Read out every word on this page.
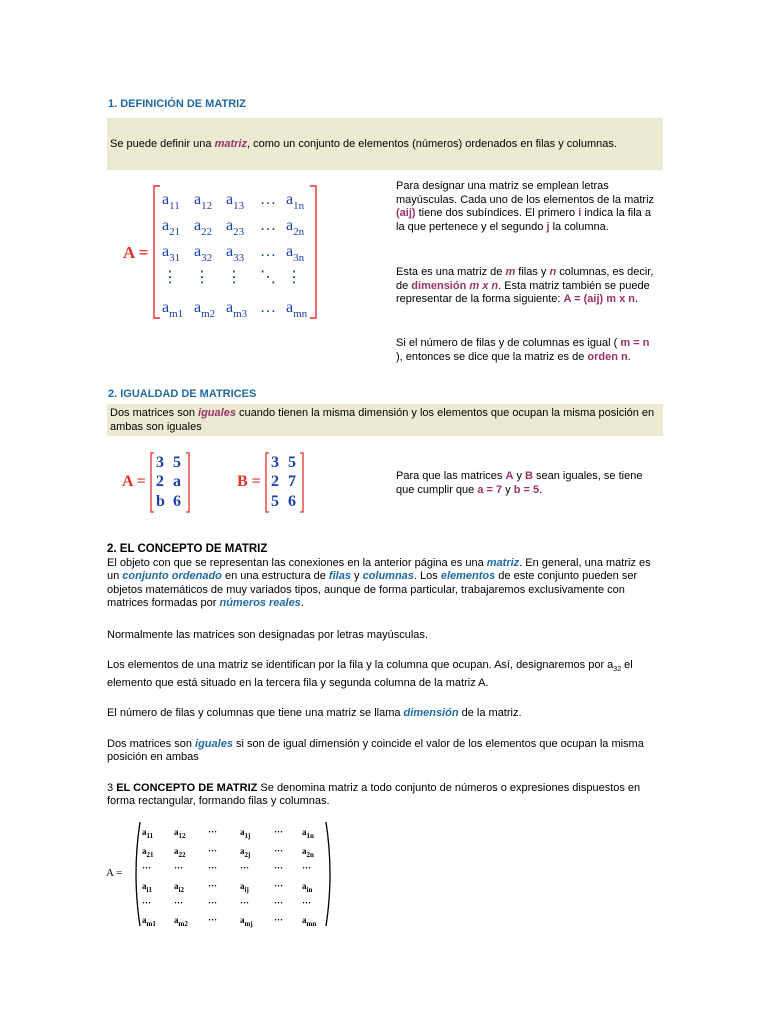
1. DEFINICIÓN DE MATRIZ
Se puede definir una matriz, como un conjunto de elementos (números) ordenados en filas y columnas.
A =
$a_{11}$ $a_{12}$ $a_{13}$ … $a_{1n}$
$a_{21}$ $a_{22}$ $a_{23}$ … $a_{2n}$
$a_{31}$ $a_{32}$ $a_{33}$ … $a_{3n}$
⋮ ⋮ ⋮ ⋱ ⋮
$a_{m1}$ $a_{m2}$ $a_{m3}$ … $a_{mn}$
Para designar una matriz se emplean letras mayúsculas. Cada uno de los elementos de la matriz (aij) tiene dos subíndices. El primero i indica la fila a la que pertenece y el segundo j la columna.
Esta es una matriz de m filas y n columnas, es decir, de dimensión m x n. Esta matriz también se puede representar de la forma siguiente: A = (aij) m x n.
Si el número de filas y de columnas es igual ( m = n ), entonces se dice que la matriz es de orden n.
2. IGUALDAD DE MATRICES
Dos matrices son iguales cuando tienen la misma dimensión y los elementos que ocupan la misma posición en ambas son iguales
A =
3 5
2 a
b 6
B =
3 5
2 7
5 6
Para que las matrices A y B sean iguales, se tiene que cumplir que a = 7 y b = 5.
2. EL CONCEPTO DE MATRIZ
El objeto con que se representan las conexiones en la anterior página es una matriz. En general, una matriz es un conjunto ordenado en una estructura de filas y columnas. Los elementos de este conjunto pueden ser objetos matemáticos de muy variados tipos, aunque de forma particular, trabajaremos exclusivamente con matrices formadas por números reales.
Normalmente las matrices son designadas por letras mayúsculas.
Los elementos de una matriz se identifican por la fila y la columna que ocupan. Así, designaremos por $a_{32}$ el elemento que está situado en la tercera fila y segunda columna de la matriz A.
El número de filas y columnas que tiene una matriz se llama dimensión de la matriz.
Dos matrices son iguales si son de igual dimensión y coincide el valor de los elementos que ocupan la misma posición en ambas
3 EL CONCEPTO DE MATRIZ Se denomina matriz a todo conjunto de números o expresiones dispuestos en forma rectangular, formando filas y columnas.
A =
$a_{11}$ $a_{12}$	···	$a_{1j}$	··· $a_{1n}$
$a_{21}$ $a_{22}$	···	$a_{2j}$	··· $a_{2n}$
···	···	···	···	··· ···
$a_{i1}$ $a_{i2}$	···	$a_{ij}$	··· $a_{in}$
···	···	···	···	··· ···
$a_{m1}$ $a_{m2}$ ···	$a_{mj}$ ··· $a_{mn}$
